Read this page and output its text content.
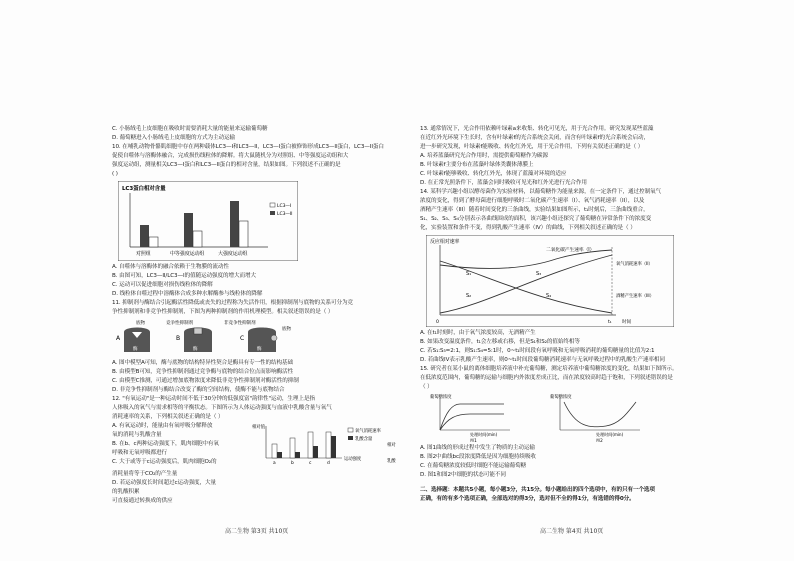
C. 小肠绒毛上皮细胞在吸收时需要消耗大量的能量来运输葡萄糖
D. 葡萄糖进入小肠绒毛上皮细胞的方式为主动运输
10. 在哺乳动物骨骼肌细胞中存在两种载体LC3—I和LC3—II，LC3—I蛋白被修饰形成LC3—II蛋白，LC3—II蛋白
促使自噬体与溶酶体融合，完成损伤线粒体的降解。将大鼠随机分为对照组、中等强度运动组和大
强度运动组，测量相关LC3—I蛋白和LC3—II蛋白的相对含量，结果如图。下列叙述不正确的是
( )
LC3蛋白相对含量
LC3—I
LC3—II
对照组	中等强度运动组	大强度运动组
A. 自噬体与溶酶体的融合依赖于生物膜的流动性
B. 由图可知，LC3—II/LC3—I的值随运动强度的增大而增大
C. 运动可以促进细胞对损伤线粒体的降解
D. 线粒体自噬过程中溶酶体合成多种水解酶参与线粒体的降解
11. 抑制剂与酶结合引起酶活性降低或丧失的过程称为失活作用，根据抑制剂与底物的关系可分为竞
争性抑制剂和非竞争性抑制剂，下图为两种抑制剂的作用机理模型。相关叙述错误的是（ ）
A
底物
酶
竞争性抑制剂
B
酶
非竞争性抑制剂
C
酶
底物
A. 图中模型A可知，酶与底物的结构特异性契合是酶具有专一性的结构基础
B. 由模型B可知，竞争性抑制剂通过竞争酶与底物的结合位点而影响酶活性
C. 由模型C推测，可通过增加底物浓度来降低非竞争性抑制剂对酶活性的抑制
D. 非竞争性抑制剂与酶结合改变了酶的空间结构，使酶不能与底物结合
12. "有氧运动"是一种运动时间不低于30分钟的低强度富"韵律性"运动，生理上是指
人体吸入的氧气与需求相等的平衡状态。下图所示为人体运动强度与血液中乳酸含量与氧气
消耗速率的关系，下列相关叙述正确的是（ ）
A. 有氧运动时，能量由有氧呼吸分解释放
氧的消耗与乳酸含量
B. 在b、c两种运动强度下，肌肉细胞中有氧
呼吸和无氧呼吸都进行
C. 大于或等于c运动强度后，肌肉细胞O₂的
相对值
a	b	c	d
运动强度
氧气消耗速率
乳酸含量
相对
乳酸
消耗量将等于CO₂的产生量
D. 若运动强度长时间超过c运动强度，大量
的乳酸积累
可直接通过转换成的供应
高二生物 第3页 共10页
13. 通常情况下，光合作用依赖叶绿素a来收集、转化可见光，用于光合作用。研究发现某些蓝藻
在近红外光环境下生长时，含有叶绿素f的光合系统会关闭，而含有叶绿素f的光合系统会启动，
进一步研究发现，叶绿素f能吸收、转化红外光，用于光合作用，下列有关叙述正确的是（ ）
A. 培养蓝藻研究光合作用时，需提供葡萄糖作为碳源
B. 叶绿素f主要分布在蓝藻叶绿体类囊体薄膜上
C. 叶绿素f能够吸收、转化红外光，体现了蓝藻对环境的适应
D. 在正常光照条件下，蓝藻会同时吸收可见光和红外光进行光合作用
14. 某科学兴趣小组以酵母菌作为实验材料，以葡萄糖作为能量来源，在一定条件下，通过控制氧气
浓度的变化，得到了酵母菌进行细胞呼吸时二氧化碳产生速率（I）、氧气消耗速率（II），以及
酒精产生速率（III）随着时间变化的三条曲线，实验结果如图所示，t₁时刻后，三条曲线重合，
S₁、S₂、S₃、S₄分别表示各曲线围成的面积，该兴趣小组还探究了葡萄糖在异常条件下的浓度变
化，实验装置和条件不变，得到乳酸产生速率（IV）的曲线，下列相关叙述正确的是（ ）
反应相对速率
二氧化碳产生速率（I）
氧气消耗速率（II）
酒精产生速率（III）
S₁
S₂
S₃
S₄
0	t₁ 时间
A. 在t₁时刻时，由于氧气浓度较高，无酒精产生
B. 如果改变温度条件，t₁会左移或右移，但是S₁和S₂的值始终相等
C. 若S₁:S₃=2:1，则S₁:S₄=5:1时，0~t₁时间段有氧呼吸和无氧呼吸消耗的葡萄糖量的比值为2:1
D. 若曲线IV表示乳酸产生速率，则0~t₁时间段葡萄糖消耗速率与无氧呼吸过程中的乳酸生产速率相同
15. 研究者在某小鼠的离体细胞培养液中补充葡萄糖，测定培养液中葡萄糖浓度的变化，结果如下图所示。
在低浓度范围内，葡萄糖的运输与细胞内外浓度差成正比，而在浓度较高时趋于饱和，下列叙述错误的是
（ ）
葡萄糖浓度
处理时间(min)
图1
葡萄糖浓度
处理时间(min)
图2
A. 图1曲线的形成过程中发生了物质的主动运输
B. 图2中曲线bc段浓度降低是因为细胞持续吸收
C. 在葡萄糖浓度较低时细胞不能运输葡萄糖
D. 图1和图2中细胞的状态可能不同
二、选择题：本题共5小题，每小题3分，共15分。每小题给出的四个选项中，有的只有一个选项
正确，有的有多个选项正确，全部选对的得3分，选对但不全的得1分，有选错的得0分。
高二生物 第4页 共10页
